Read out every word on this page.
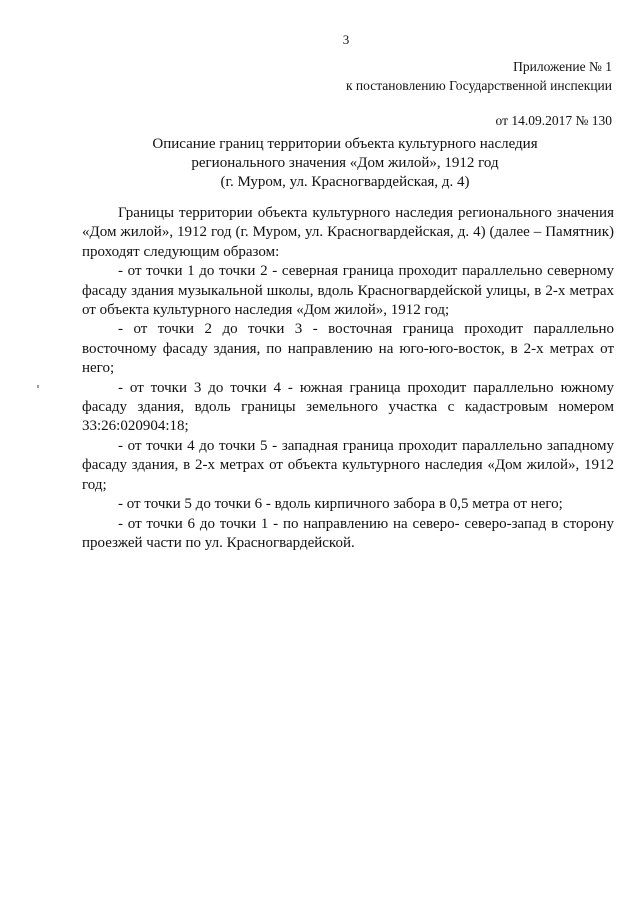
3
Приложение № 1
к постановлению Государственной инспекции
от 14.09.2017 № 130
Описание границ территории объекта культурного наследия
регионального значения «Дом жилой», 1912 год
(г. Муром, ул. Красногвардейская, д. 4)

Границы территории объекта культурного наследия регионального значения «Дом жилой», 1912 год (г. Муром, ул. Красногвардейская, д. 4) (далее – Памятник) проходят следующим образом:

- от точки 1 до точки 2 - северная граница проходит параллельно северному фасаду здания музыкальной школы, вдоль Красногвардейской улицы, в 2-х метрах от объекта культурного наследия «Дом жилой», 1912 год;

- от точки 2 до точки 3 - восточная граница проходит параллельно восточному фасаду здания, по направлению на юго-юго-восток, в 2-х метрах от него;

- от точки 3 до точки 4 - южная граница проходит параллельно южному фасаду здания, вдоль границы земельного участка с кадастровым номером 33:26:020904:18;

- от точки 4 до точки 5 - западная граница проходит параллельно западному фасаду здания, в 2-х метрах от объекта культурного наследия «Дом жилой», 1912 год;

- от точки 5 до точки 6 - вдоль кирпичного забора в 0,5 метра от него;

- от точки 6 до точки 1 - по направлению на северо- северо-запад в сторону проезжей части по ул. Красногвардейской.
